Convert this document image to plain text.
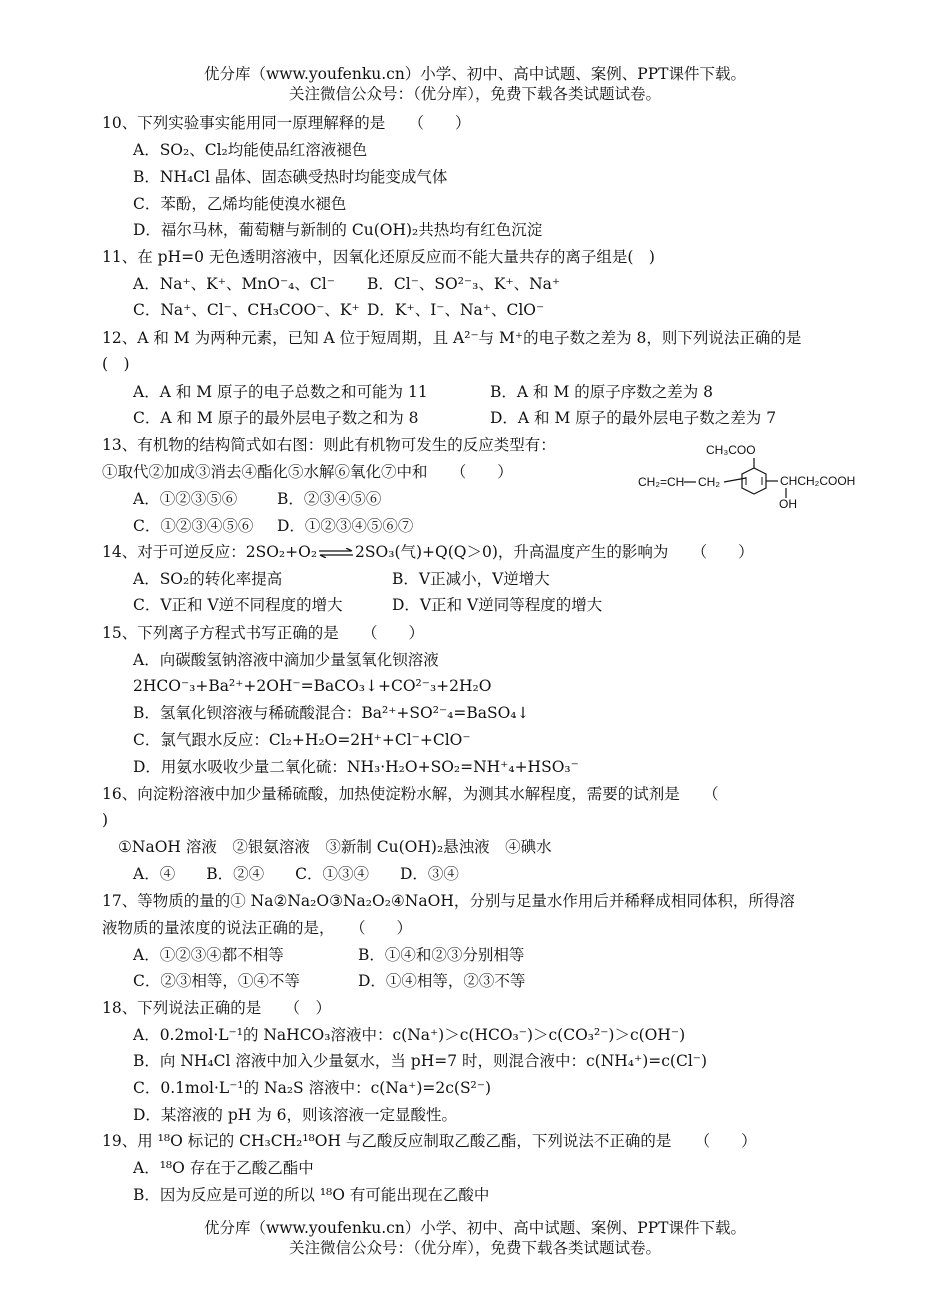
优分库（www.youfenku.cn）小学、初中、高中试题、案例、PPT课件下载。
关注微信公众号：（优分库），免费下载各类试题试卷。
10、下列实验事实能用同一原理解释的是　　（　　）
A．SO₂、Cl₂均能使品红溶液褪色
B．NH₄Cl 晶体、固态碘受热时均能变成气体
C．苯酚，乙烯均能使溴水褪色
D．福尔马林，葡萄糖与新制的 Cu(OH)₂共热均有红色沉淀
11、在 pH=0 无色透明溶液中，因氧化还原反应而不能大量共存的离子组是(　)
A．Na⁺、K⁺、MnO⁻₄、Cl⁻ B．Cl⁻、SO²⁻₃、K⁺、Na⁺
C．Na⁺、Cl⁻、CH₃COO⁻、K⁺ D．K⁺、I⁻、Na⁺、ClO⁻
12、A 和 M 为两种元素，已知 A 位于短周期，且 A²⁻与 M⁺的电子数之差为 8，则下列说法正确的是
(　)
A．A 和 M 原子的电子总数之和可能为 11	B．A 和 M 的原子序数之差为 8
C．A 和 M 原子的最外层电子数之和为 8	D．A 和 M 原子的最外层电子数之差为 7
13、有机物的结构简式如右图：则此有机物可发生的反应类型有：
①取代②加成③消去④酯化⑤水解⑥氧化⑦中和　　（　　）
A．①②③⑤⑥	B．②③④⑤⑥
C．①②③④⑤⑥ D．①②③④⑤⑥⑦
CH₃COO
CH₂=CH CH₂	CHCH₂COOH
OH
14、对于可逆反应：2SO₂+O₂⇌2SO₃(气)+Q(Q＞0)，升高温度产生的影响为　　（　　）
A．SO₂的转化率提高	B．V正减小，V逆增大
C．V正和 V逆不同程度的增大	D．V正和 V逆同等程度的增大
15、下列离子方程式书写正确的是　　（　　）
A．向碳酸氢钠溶液中滴加少量氢氧化钡溶液
2HCO⁻₃+Ba²⁺+2OH⁻=BaCO₃↓+CO²⁻₃+2H₂O
B．氢氧化钡溶液与稀硫酸混合：Ba²⁺+SO²⁻₄=BaSO₄↓
C．氯气跟水反应：Cl₂+H₂O=2H⁺+Cl⁻+ClO⁻
D．用氨水吸收少量二氧化硫：NH₃·H₂O+SO₂=NH⁺₄+HSO₃⁻
16、向淀粉溶液中加少量稀硫酸，加热使淀粉水解，为测其水解程度，需要的试剂是　　（
)
①NaOH 溶液　②银氨溶液　③新制 Cu(OH)₂悬浊液　④碘水
A．④　　B．②④　　C．①③④　　D．③④
17、等物质的量的① Na②Na₂O③Na₂O₂④NaOH，分别与足量水作用后并稀释成相同体积，所得溶
液物质的量浓度的说法正确的是，　　（　　）
A．①②③④都不相等	B．①④和②③分别相等
C．②③相等，①④不等	D．①④相等，②③不等
18、下列说法正确的是　　（　）
A．0.2mol·L⁻¹的 NaHCO₃溶液中：c(Na⁺)＞c(HCO₃⁻)＞c(CO₃²⁻)＞c(OH⁻)
B．向 NH₄Cl 溶液中加入少量氨水，当 pH=7 时，则混合液中：c(NH₄⁺)=c(Cl⁻)
C．0.1mol·L⁻¹的 Na₂S 溶液中：c(Na⁺)=2c(S²⁻)
D．某溶液的 pH 为 6，则该溶液一定显酸性。
19、用 ¹⁸O 标记的 CH₃CH₂¹⁸OH 与乙酸反应制取乙酸乙酯，下列说法不正确的是　　（　　）
A．¹⁸O 存在于乙酸乙酯中
B．因为反应是可逆的所以 ¹⁸O 有可能出现在乙酸中
优分库（www.youfenku.cn）小学、初中、高中试题、案例、PPT课件下载。
关注微信公众号：（优分库），免费下载各类试题试卷。
